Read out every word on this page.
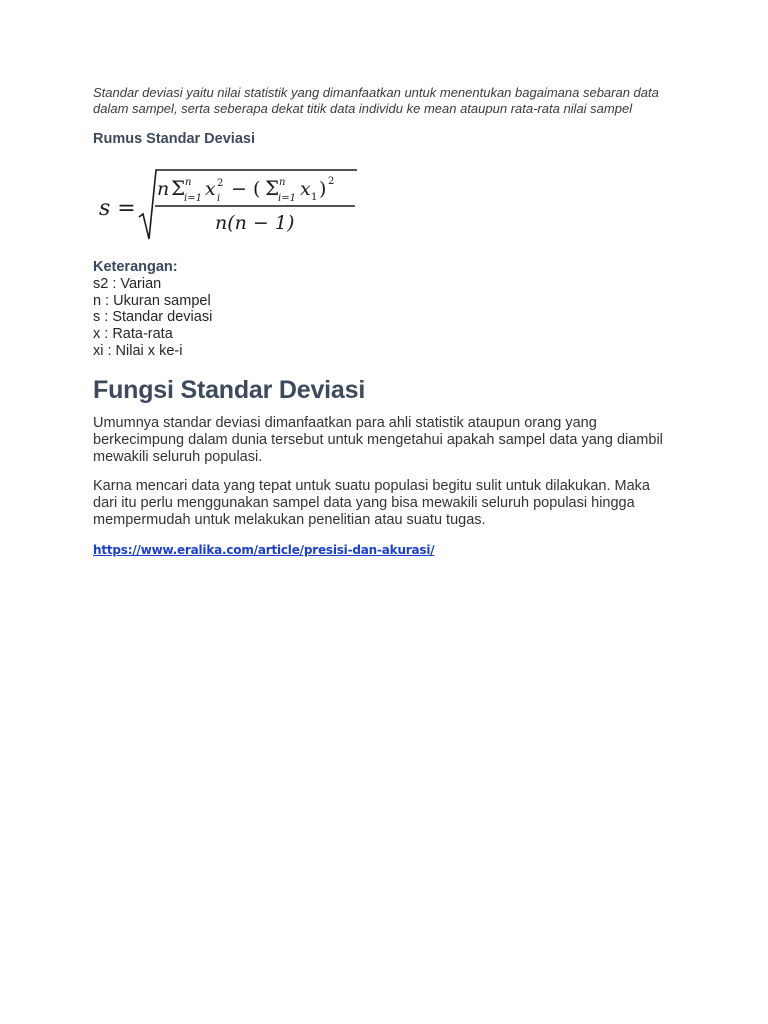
Standar deviasi yaitu nilai statistik yang dimanfaatkan untuk menentukan bagaimana sebaran data dalam sampel, serta seberapa dekat titik data individu ke mean ataupun rata-rata nilai sampel

Rumus Standar Deviasi
s =
n Σ n
i=1 x 2
i − ( Σ n
i=1 x 1 ) 2
n(n − 1)
Keterangan:
s2 : Varian
n : Ukuran sampel
s : Standar deviasi
x : Rata-rata
xi : Nilai x ke-i
Fungsi Standar Deviasi

Umumnya standar deviasi dimanfaatkan para ahli statistik ataupun orang yang berkecimpung dalam dunia tersebut untuk mengetahui apakah sampel data yang diambil mewakili seluruh populasi.

Karna mencari data yang tepat untuk suatu populasi begitu sulit untuk dilakukan. Maka dari itu perlu menggunakan sampel data yang bisa mewakili seluruh populasi hingga mempermudah untuk melakukan penelitian atau suatu tugas.

https://www.eralika.com/article/presisi-dan-akurasi/
